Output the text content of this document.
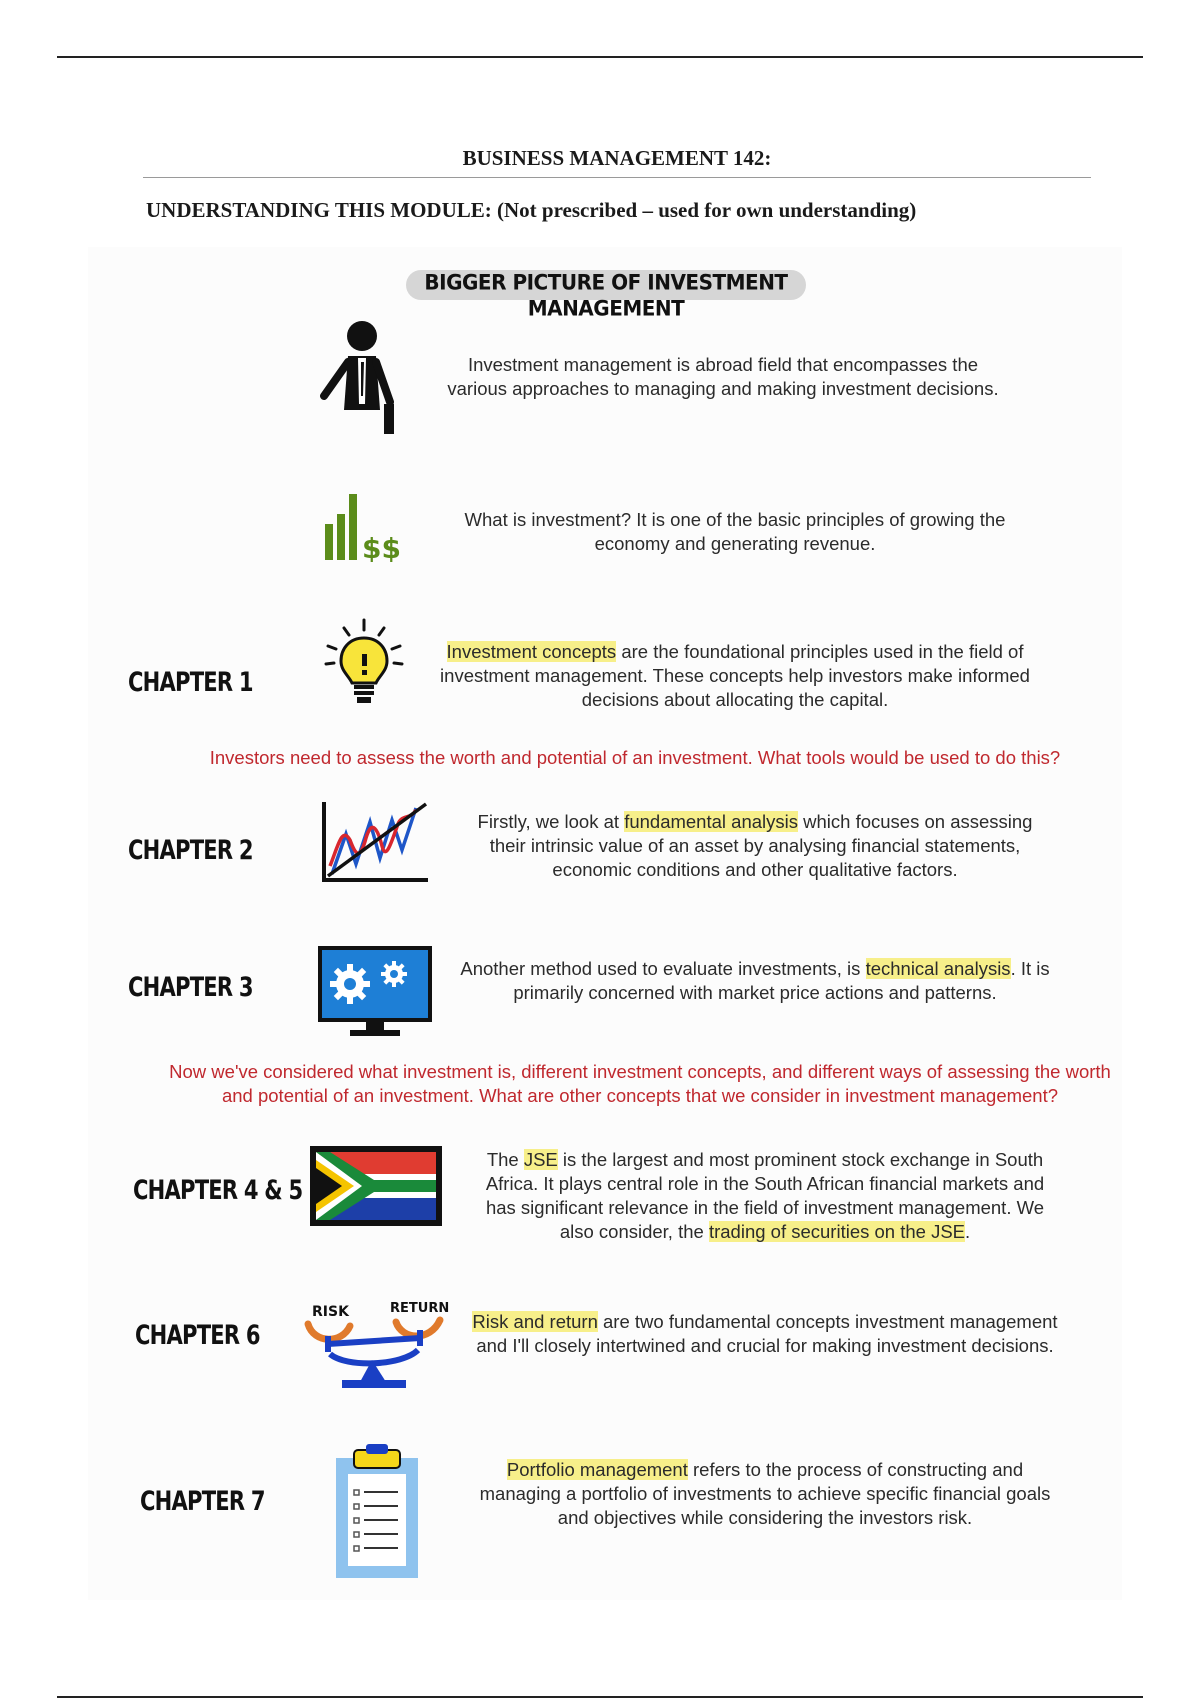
BUSINESS MANAGEMENT 142:
UNDERSTANDING THIS MODULE: (Not prescribed – used for own understanding)
BIGGER PICTURE OF INVESTMENT MANAGEMENT
Investment management is abroad field that encompasses the various approaches to managing and making investment decisions.
$$
What is investment? It is one of the basic principles of growing the economy and generating revenue.
CHAPTER 1
Investment concepts are the foundational principles used in the field of investment management. These concepts help investors make informed decisions about allocating the capital.
Investors need to assess the worth and potential of an investment. What tools would be used to do this?
CHAPTER 2
Firstly, we look at fundamental analysis which focuses on assessing their intrinsic value of an asset by analysing financial statements, economic conditions and other qualitative factors.
CHAPTER 3
Another method used to evaluate investments, is technical analysis. It is primarily concerned with market price actions and patterns.
Now we've considered what investment is, different investment concepts, and different ways of assessing the worth and potential of an investment. What are other concepts that we consider in investment management?
CHAPTER 4 & 5
The JSE is the largest and most prominent stock exchange in South Africa. It plays central role in the South African financial markets and has significant relevance in the field of investment management. We also consider, the trading of securities on the JSE.
CHAPTER 6
RISK	RETURN
Risk and return are two fundamental concepts investment management and I'll closely intertwined and crucial for making investment decisions.
CHAPTER 7
Portfolio management refers to the process of constructing and managing a portfolio of investments to achieve specific financial goals and objectives while considering the investors risk.
